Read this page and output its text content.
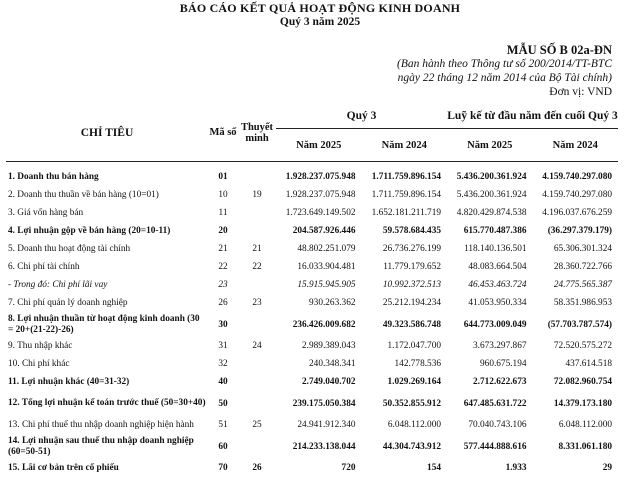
BÁO CÁO KẾT QUẢ HOẠT ĐỘNG KINH DOANH
Quý 3 năm 2025
MẪU SỐ B 02a-ĐN
(Ban hành theo Thông tư số 200/2014/TT-BTC
ngày 22 tháng 12 năm 2014 của Bộ Tài chính)
Đơn vị: VND
CHỈ TIÊU	Mã số	Thuyết minh	Quý 3		Luỹ kế từ đầu năm đến cuối Quý 3	
			Năm 2025	Năm 2024	Năm 2025	Năm 2024
1. Doanh thu bán hàng	01		1.928.237.075.948	1.711.759.896.154	5.436.200.361.924	4.159.740.297.080
2. Doanh thu thuần về bán hàng (10=01)	10	19	1.928.237.075.948	1.711.759.896.154	5.436.200.361.924	4.159.740.297.080
3. Giá vốn hàng bán	11		1.723.649.149.502	1.652.181.211.719	4.820.429.874.538	4.196.037.676.259
4. Lợi nhuận gộp về bán hàng (20=10-11)	20		204.587.926.446	59.578.684.435	615.770.487.386	(36.297.379.179)
5. Doanh thu hoạt động tài chính	21	21	48.802.251.079	26.736.276.199	118.140.136.501	65.306.301.324
6. Chi phí tài chính	22	22	16.033.904.481	11.779.179.652	48.083.664.504	28.360.722.766
- Trong đó: Chi phí lãi vay	23		15.915.945.905	10.992.372.513	46.453.463.724	24.775.565.387
7. Chi phí quản lý doanh nghiệp	26	23	930.263.362	25.212.194.234	41.053.950.334	58.351.986.953
8. Lợi nhuận thuần từ hoạt động kinh doanh (30 = 20+(21-22)-26)	30		236.426.009.682	49.323.586.748	644.773.009.049	(57.703.787.574)
9. Thu nhập khác	31	24	2.989.389.043	1.172.047.700	3.673.297.867	72.520.575.272
10. Chi phí khác	32		240.348.341	142.778.536	960.675.194	437.614.518
11. Lợi nhuận khác (40=31-32)	40		2.749.040.702	1.029.269.164	2.712.622.673	72.082.960.754
12. Tổng lợi nhuận kế toán trước thuế (50=30+40)	50		239.175.050.384	50.352.855.912	647.485.631.722	14.379.173.180
13. Chi phí thuế thu nhập doanh nghiệp hiện hành	51	25	24.941.912.340	6.048.112.000	70.040.743.106	6.048.112.000
14. Lợi nhuận sau thuế thu nhập doanh nghiệp (60=50-51)	60		214.233.138.044	44.304.743.912	577.444.888.616	8.331.061.180
15. Lãi cơ bản trên cổ phiếu	70	26	720	154	1.933	29
